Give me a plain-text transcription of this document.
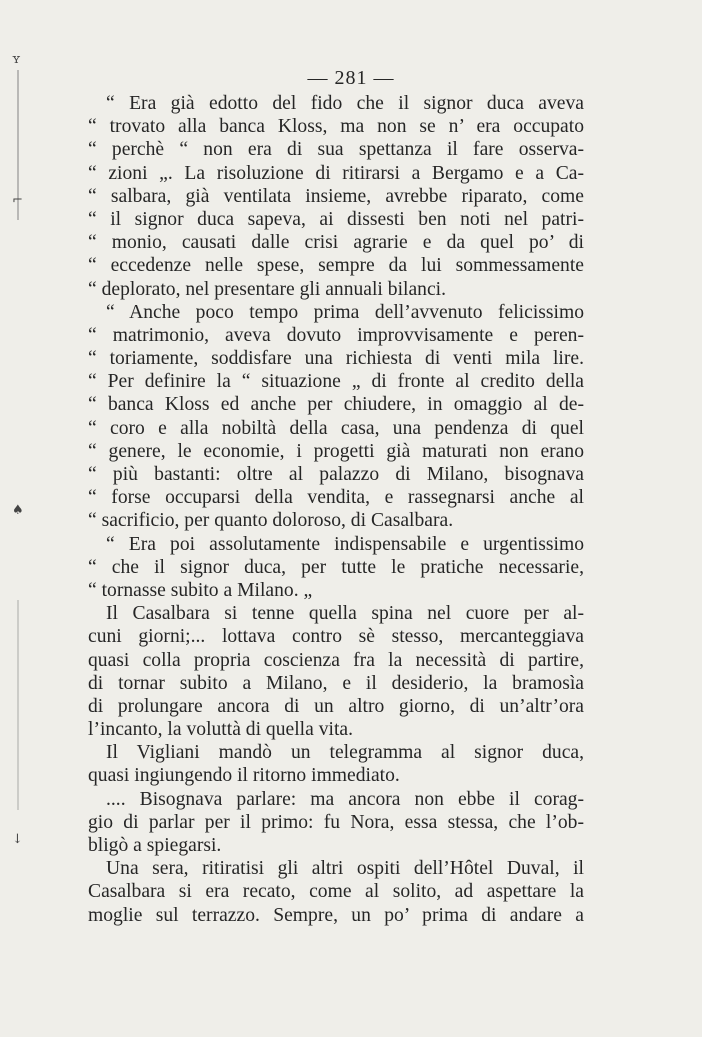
ʏ
⌐
♠
↓
— 281 —
“ Era già edotto del fido che il signor duca aveva
“ trovato alla banca Kloss, ma non se n’ era occupato
“ perchè “ non era di sua spettanza il fare osserva-
“ zioni „. La risoluzione di ritirarsi a Bergamo e a Ca-
“ salbara, già ventilata insieme, avrebbe riparato, come
“ il signor duca sapeva, ai dissesti ben noti nel patri-
“ monio, causati dalle crisi agrarie e da quel po’ di
“ eccedenze nelle spese, sempre da lui sommessamente
“ deplorato, nel presentare gli annuali bilanci.
“ Anche poco tempo prima dell’avvenuto felicissimo
“ matrimonio, aveva dovuto improvvisamente e peren-
“ toriamente, soddisfare una richiesta di venti mila lire.
“ Per definire la “ situazione „ di fronte al credito della
“ banca Kloss ed anche per chiudere, in omaggio al de-
“ coro e alla nobiltà della casa, una pendenza di quel
“ genere, le economie, i progetti già maturati non erano
“ più bastanti: oltre al palazzo di Milano, bisognava
“ forse occuparsi della vendita, e rassegnarsi anche al
“ sacrificio, per quanto doloroso, di Casalbara.
“ Era poi assolutamente indispensabile e urgentissimo
“ che il signor duca, per tutte le pratiche necessarie,
“ tornasse subito a Milano. „
Il Casalbara si tenne quella spina nel cuore per al-
cuni giorni;... lottava contro sè stesso, mercanteggiava
quasi colla propria coscienza fra la necessità di partire,
di tornar subito a Milano, e il desiderio, la bramosìa
di prolungare ancora di un altro giorno, di un’altr’ora
l’incanto, la voluttà di quella vita.
Il Vigliani mandò un telegramma al signor duca,
quasi ingiungendo il ritorno immediato.
.... Bisognava parlare: ma ancora non ebbe il corag-
gio di parlar per il primo: fu Nora, essa stessa, che l’ob-
bligò a spiegarsi.
Una sera, ritiratisi gli altri ospiti dell’Hôtel Duval, il
Casalbara si era recato, come al solito, ad aspettare la
moglie sul terrazzo. Sempre, un po’ prima di andare a
